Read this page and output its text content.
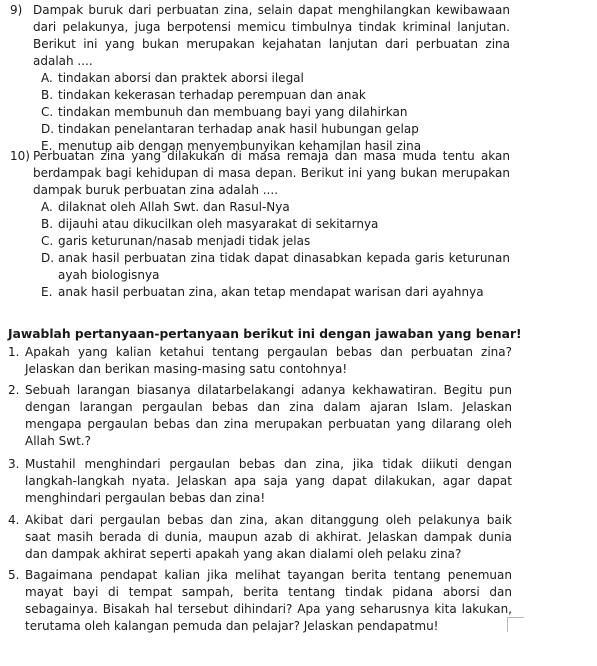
9) Dampak buruk dari perbuatan zina, selain dapat menghilangkan kewibawaan dari pelakunya, juga berpotensi memicu timbulnya tindak kriminal lanjutan. Berikut ini yang bukan merupakan kejahatan lanjutan dari perbuatan zina adalah ....
A. tindakan aborsi dan praktek aborsi ilegal
B. tindakan kekerasan terhadap perempuan dan anak
C. tindakan membunuh dan membuang bayi yang dilahirkan
D. tindakan penelantaran terhadap anak hasil hubungan gelap
E. menutup aib dengan menyembunyikan kehamilan hasil zina
10) Perbuatan zina yang dilakukan di masa remaja dan masa muda tentu akan berdampak bagi kehidupan di masa depan. Berikut ini yang bukan merupakan dampak buruk perbuatan zina adalah ....
A. dilaknat oleh Allah Swt. dan Rasul-Nya
B. dijauhi atau dikucilkan oleh masyarakat di sekitarnya
C. garis keturunan/nasab menjadi tidak jelas
D. anak hasil perbuatan zina tidak dapat dinasabkan kepada garis keturunan ayah biologisnya
E. anak hasil perbuatan zina, akan tetap mendapat warisan dari ayahnya
Jawablah pertanyaan-pertanyaan berikut ini dengan jawaban yang benar!
1. Apakah yang kalian ketahui tentang pergaulan bebas dan perbuatan zina? Jelaskan dan berikan masing-masing satu contohnya!
2. Sebuah larangan biasanya dilatarbelakangi adanya kekhawatiran. Begitu pun dengan larangan pergaulan bebas dan zina dalam ajaran Islam. Jelaskan mengapa pergaulan bebas dan zina merupakan perbuatan yang dilarang oleh Allah Swt.?
3. Mustahil menghindari pergaulan bebas dan zina, jika tidak diikuti dengan langkah-langkah nyata. Jelaskan apa saja yang dapat dilakukan, agar dapat menghindari pergaulan bebas dan zina!
4. Akibat dari pergaulan bebas dan zina, akan ditanggung oleh pelakunya baik saat masih berada di dunia, maupun azab di akhirat. Jelaskan dampak dunia dan dampak akhirat seperti apakah yang akan dialami oleh pelaku zina?
5. Bagaimana pendapat kalian jika melihat tayangan berita tentang penemuan mayat bayi di tempat sampah, berita tentang tindak pidana aborsi dan sebagainya. Bisakah hal tersebut dihindari? Apa yang seharusnya kita lakukan, terutama oleh kalangan pemuda dan pelajar? Jelaskan pendapatmu!
